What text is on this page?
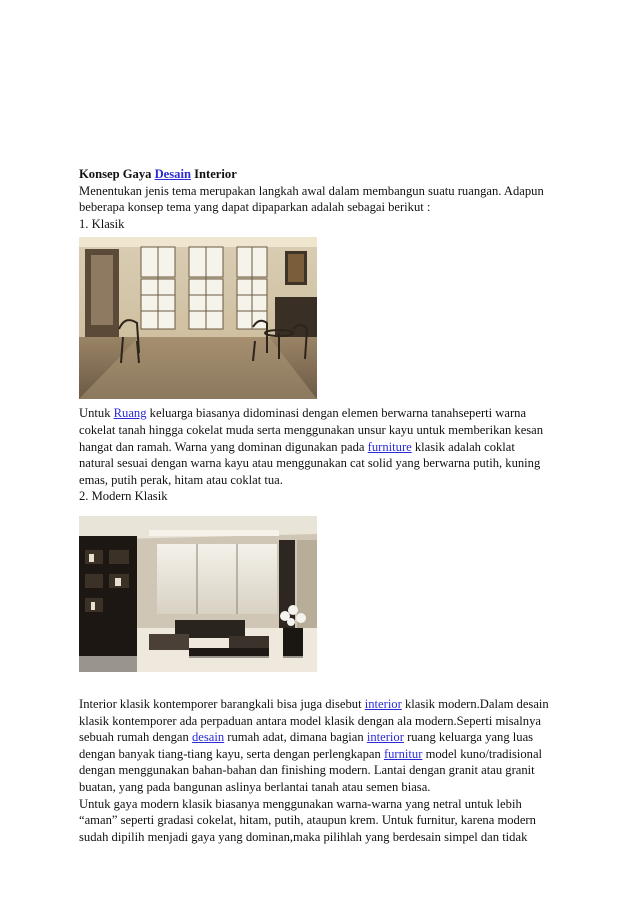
Konsep Gaya Desain Interior
Menentukan jenis tema merupakan langkah awal dalam membangun suatu ruangan. Adapun
beberapa konsep tema yang dapat dipaparkan adalah sebagai berikut :
1. Klasik
Untuk Ruang keluarga biasanya didominasi dengan elemen berwarna tanahseperti warna
cokelat tanah hingga cokelat muda serta menggunakan unsur kayu untuk memberikan kesan
hangat dan ramah. Warna yang dominan digunakan pada furniture klasik adalah coklat
natural sesuai dengan warna kayu atau menggunakan cat solid yang berwarna putih, kuning
emas, putih perak, hitam atau coklat tua.
2. Modern Klasik
Interior klasik kontemporer barangkali bisa juga disebut interior klasik modern.Dalam desain
klasik kontemporer ada perpaduan antara model klasik dengan ala modern.Seperti misalnya
sebuah rumah dengan desain rumah adat, dimana bagian interior ruang keluarga yang luas
dengan banyak tiang-tiang kayu, serta dengan perlengkapan furnitur model kuno/tradisional
dengan menggunakan bahan-bahan dan finishing modern. Lantai dengan granit atau granit
buatan, yang pada bangunan aslinya berlantai tanah atau semen biasa.
Untuk gaya modern klasik biasanya menggunakan warna-warna yang netral untuk lebih
“aman” seperti gradasi cokelat, hitam, putih, ataupun krem. Untuk furnitur, karena modern
sudah dipilih menjadi gaya yang dominan,maka pilihlah yang berdesain simpel dan tidak
